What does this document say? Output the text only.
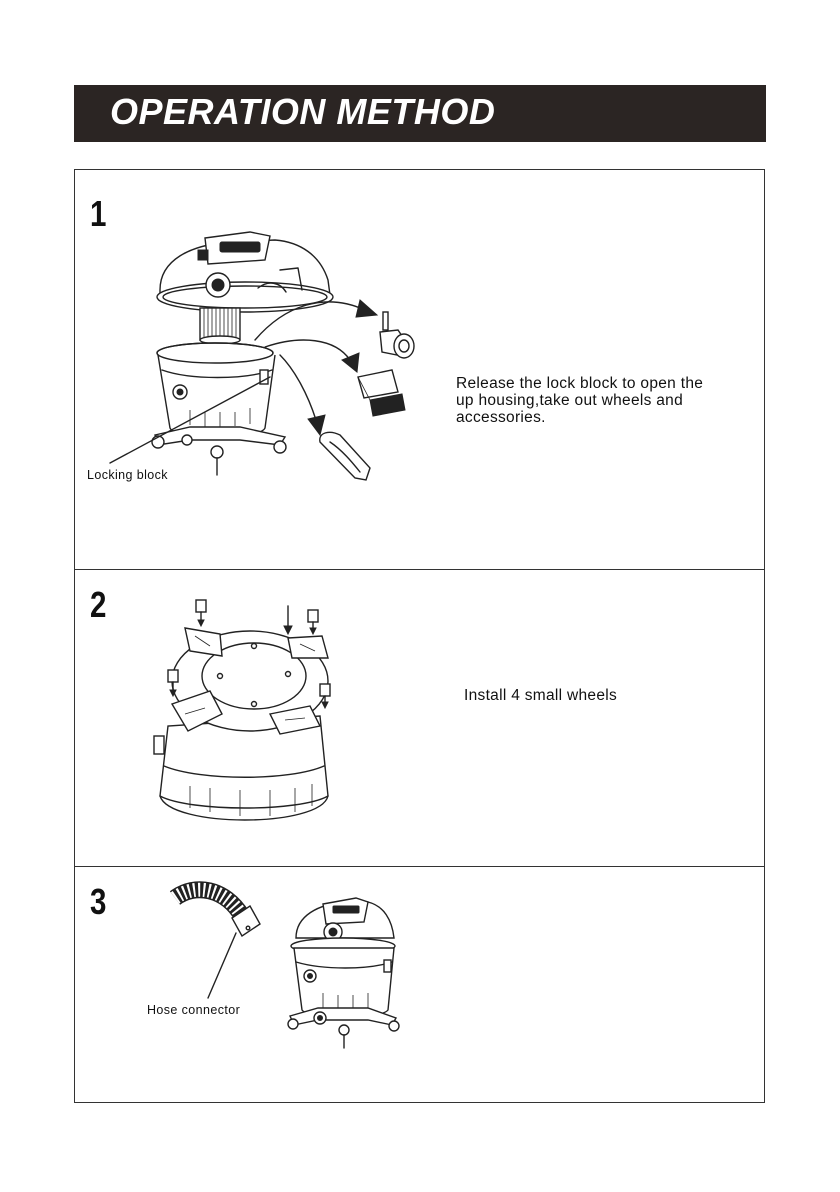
OPERATION METHOD
1
Locking block
Release the lock block to open the
up housing,take out wheels and
accessories.
2
Install 4 small wheels
3
Hose connector
